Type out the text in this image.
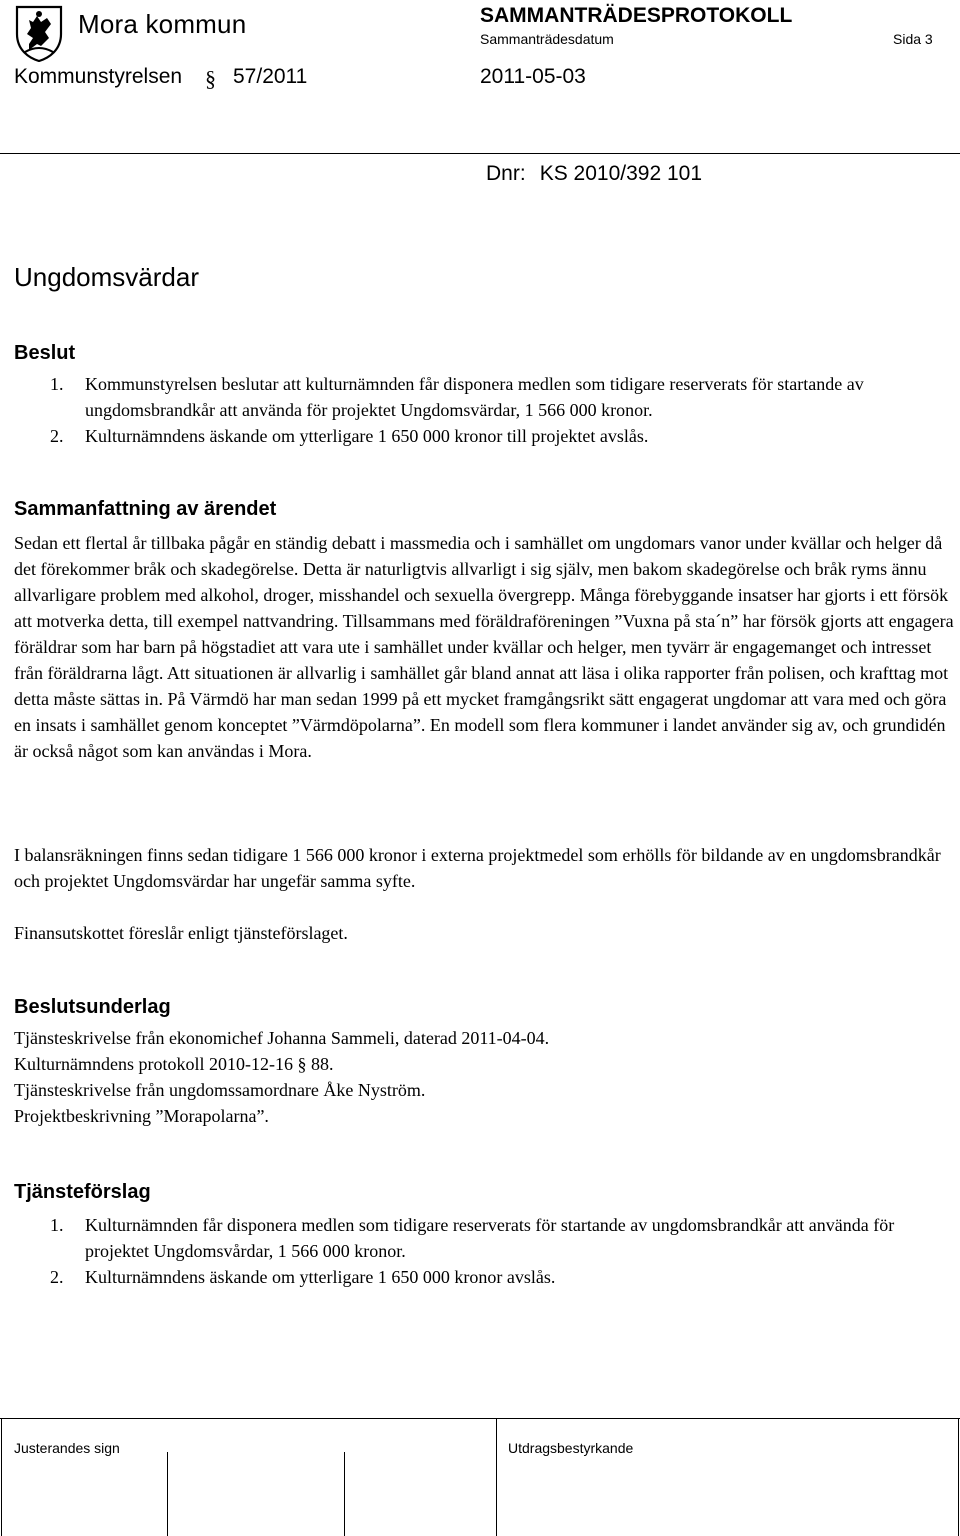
Mora kommun	SAMMANTRÄDESPROTOKOLL
Sammanträdesdatum	Sida 3
Kommunstyrelsen § 57/2011	2011-05-03
Dnr: KS 2010/392 101
Ungdomsvärdar
Beslut
1. Kommunstyrelsen beslutar att kulturnämnden får disponera medlen som tidigare reserverats för startande av ungdomsbrandkår att använda för projektet Ungdomsvärdar, 1 566 000 kronor.
2. Kulturnämndens äskande om ytterligare 1 650 000 kronor till projektet avslås.
Sammanfattning av ärendet

Sedan ett flertal år tillbaka pågår en ständig debatt i massmedia och i samhället om ungdomars vanor under kvällar och helger då det förekommer bråk och skadegörelse. Detta är naturligtvis allvarligt i sig själv, men bakom skadegörelse och bråk ryms ännu allvarligare problem med alkohol, droger, misshandel och sexuella övergrepp. Många förebyggande insatser har gjorts i ett försök att motverka detta, till exempel nattvandring. Tillsammans med föräldraföreningen ”Vuxna på sta´n” har försök gjorts att engagera föräldrar som har barn på högstadiet att vara ute i samhället under kvällar och helger, men tyvärr är engagemanget och intresset från föräldrarna lågt. Att situationen är allvarlig i samhället går bland annat att läsa i olika rapporter från polisen, och krafttag mot detta måste sättas in. På Värmdö har man sedan 1999 på ett mycket framgångsrikt sätt engagerat ungdomar att vara med och göra en insats i samhället genom konceptet ”Värmdöpolarna”. En modell som flera kommuner i landet använder sig av, och grundidén är också något som kan användas i Mora.

I balansräkningen finns sedan tidigare 1 566 000 kronor i externa projektmedel som erhölls för bildande av en ungdomsbrandkår och projektet Ungdomsvärdar har ungefär samma syfte.

Finansutskottet föreslår enligt tjänsteförslaget.

Beslutsunderlag
Tjänsteskrivelse från ekonomichef Johanna Sammeli, daterad 2011-04-04.
Kulturnämndens protokoll 2010-12-16 § 88.
Tjänsteskrivelse från ungdomssamordnare Åke Nyström.
Projektbeskrivning ”Morapolarna”.
Tjänsteförslag
1. Kulturnämnden får disponera medlen som tidigare reserverats för startande av ungdomsbrandkår att använda för projektet Ungdomsvårdar, 1 566 000 kronor.
2. Kulturnämndens äskande om ytterligare 1 650 000 kronor avslås.
Justerandes sign	Utdragsbestyrkande
